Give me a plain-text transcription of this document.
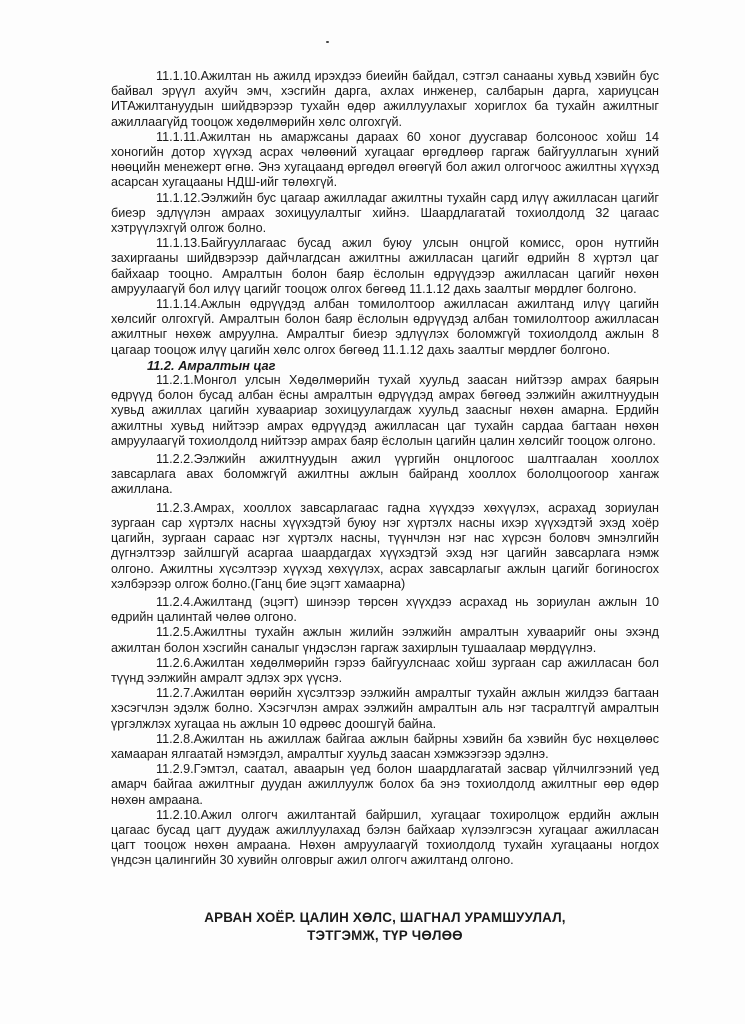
11.1.10.Ажилтан нь ажилд ирэхдээ биеийн байдал, сэтгэл санааны хувьд хэвийн бус байвал эрүүл ахуйч эмч, хэсгийн дарга, ахлах инженер, салбарын дарга, хариуцсан ИТАжилтануудын шийдвэрээр тухайн өдөр ажиллуулахыг хориглох ба тухайн ажилтныг ажиллаагүйд тооцож хөдөлмөрийн хөлс олгохгүй.

11.1.11.Ажилтан нь амаржсаны дараах 60 хоног дуусгавар болсоноос хойш 14 хоногийн дотор хүүхэд асрах чөлөөний хугацааг өргөдлөөр гаргаж байгууллагын хүний нөөцийн менежерт өгнө. Энэ хугацаанд өргөдөл өгөөгүй бол ажил олгогчоос ажилтны хүүхэд асарсан хугацааны НДШ-ийг төлөхгүй.

11.1.12.Ээлжийн бус цагаар ажилладаг ажилтны тухайн сард илүү ажилласан цагийг биеэр эдлүүлэн амраах зохицуулалтыг хийнэ. Шаардлагатай тохиолдолд 32 цагаас хэтрүүлэхгүй олгож болно.

11.1.13.Байгууллагаас бусад ажил буюу улсын онцгой комисс, орон нутгийн захиргааны шийдвэрээр дайчлагдсан ажилтны ажилласан цагийг өдрийн 8 хүртэл цаг байхаар тооцно. Амралтын болон баяр ёслолын өдрүүдээр ажилласан цагийг нөхөн амруулаагүй бол илүү цагийг тооцож олгох бөгөөд 11.1.12 дахь заалтыг мөрдлөг болгоно.

11.1.14.Ажлын өдрүүдэд албан томилолтоор ажилласан ажилтанд илүү цагийн хөлсийг олгохгүй. Амралтын болон баяр ёслолын өдрүүдэд албан томилолтоор ажилласан ажилтныг нөхөж амруулна. Амралтыг биеэр эдлүүлэх боломжгүй тохиолдолд ажлын 8 цагаар тооцож илүү цагийн хөлс олгох бөгөөд 11.1.12 дахь заалтыг мөрдлөг болгоно.

11.2. Амралтын цаг

11.2.1.Монгол улсын Хөдөлмөрийн тухай хуульд заасан нийтээр амрах баярын өдрүүд болон бусад албан ёсны амралтын өдрүүдэд амрах бөгөөд ээлжийн ажилтнуудын хувьд ажиллах цагийн хуваариар зохицуулагдаж хуульд заасныг нөхөн амарна. Ердийн ажилтны хувьд нийтээр амрах өдрүүдэд ажилласан цаг тухайн сардаа багтаан нөхөн амруулаагүй тохиолдолд нийтээр амрах баяр ёслолын цагийн цалин хөлсийг тооцож олгоно.

11.2.2.Ээлжийн ажилтнуудын ажил үүргийн онцлогоос шалтгаалан хооллох завсарлага авах боломжгүй ажилтны ажлын байранд хооллох бололцоогоор хангаж ажиллана.

11.2.3.Амрах, хооллох завсарлагаас гадна хүүхдээ хөхүүлэх, асрахад зориулан зургаан сар хүртэлх насны хүүхэдтэй буюу нэг хүртэлх насны ихэр хүүхэдтэй эхэд хоёр цагийн, зургаан сараас нэг хүртэлх насны, түүнчлэн нэг нас хүрсэн боловч эмнэлгийн дүгнэлтээр зайлшгүй асаргаа шаардагдах хүүхэдтэй эхэд нэг цагийн завсарлага нэмж олгоно. Ажилтны хүсэлтээр хүүхэд хөхүүлэх, асрах завсарлагыг ажлын цагийг богиносгох хэлбэрээр олгож болно.(Ганц бие эцэгт хамаарна)

11.2.4.Ажилтанд (эцэгт) шинээр төрсөн хүүхдээ асрахад нь зориулан ажлын 10 өдрийн цалинтай чөлөө олгоно.

11.2.5.Ажилтны тухайн ажлын жилийн ээлжийн амралтын хуваарийг оны эхэнд ажилтан болон хэсгийн саналыг үндэслэн гаргаж захирлын тушаалаар мөрдүүлнэ.

11.2.6.Ажилтан хөдөлмөрийн гэрээ байгуулснаас хойш зургаан сар ажилласан бол түүнд ээлжийн амралт эдлэх эрх үүснэ.

11.2.7.Ажилтан өөрийн хүсэлтээр ээлжийн амралтыг тухайн ажлын жилдээ багтаан хэсэгчлэн эдэлж болно. Хэсэгчлэн амрах ээлжийн амралтын аль нэг тасралтгүй амралтын үргэлжлэх хугацаа нь ажлын 10 өдрөөс доошгүй байна.

11.2.8.Ажилтан нь ажиллаж байгаа ажлын байрны хэвийн ба хэвийн бус нөхцөлөөс хамааран ялгаатай нэмэгдэл, амралтыг хуульд заасан хэмжээгээр эдэлнэ.

11.2.9.Гэмтэл, саатал, аваарын үед болон шаардлагатай засвар үйлчилгээний үед амарч байгаа ажилтныг дуудан ажиллуулж болох ба энэ тохиолдолд ажилтныг өөр өдөр нөхөн амраана.

11.2.10.Ажил олгогч ажилтантай байршил, хугацааг тохиролцож ердийн ажлын цагаас бусад цагт дуудаж ажиллуулахад бэлэн байхаар хүлээлгэсэн хугацааг ажилласан цагт тооцож нөхөн амраана. Нөхөн амруулаагүй тохиолдолд тухайн хугацааны ногдох үндсэн цалингийн 30 хувийн олговрыг ажил олгогч ажилтанд олгоно.

АРВАН ХОЁР. ЦАЛИН ХӨЛС, ШАГНАЛ УРАМШУУЛАЛ,
ТЭТГЭМЖ, ТҮР ЧӨЛӨӨ
